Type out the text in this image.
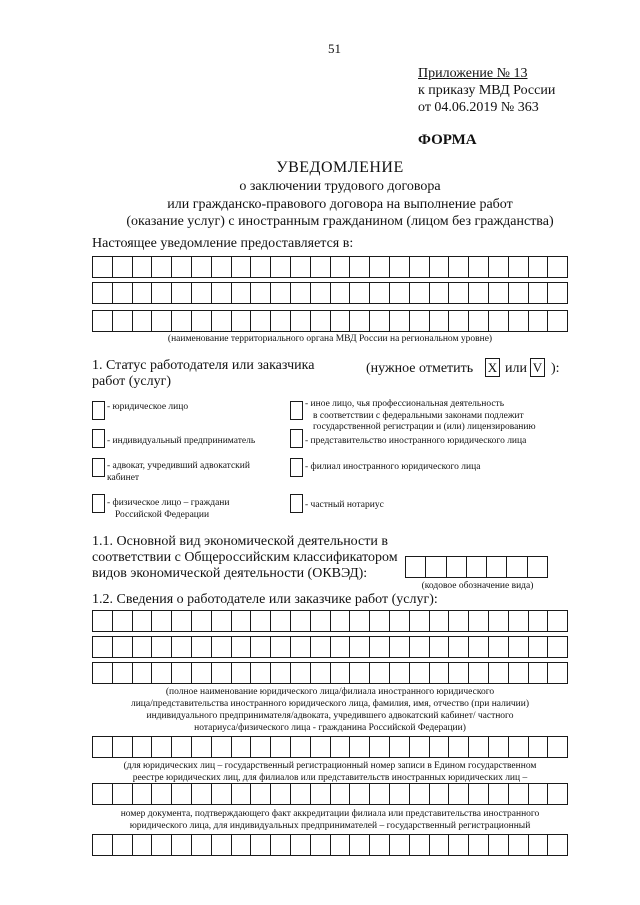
51
Приложение № 13
к приказу МВД России
от 04.06.2019 № 363
ФОРМА
УВЕДОМЛЕНИЕ
о заключении трудового договора
или гражданско-правового договора на выполнение работ
(оказание услуг) с иностранным гражданином (лицом без гражданства)
Настоящее уведомление предоставляется в:
(наименование территориального органа МВД России на региональном уровне)
1. Статус работодателя или заказчика
работ (услуг)
(нужное отметить X или V ):
- юридическое лицо
- индивидуальный предприниматель
- адвокат, учредивший адвокатский
кабинет
- физическое лицо – граждани
Российской Федерации
- иное лицо, чья профессиональная деятельность
в соответствии с федеральными законами подлежит
государственной регистрации и (или) лицензированию
- представительство иностранного юридического лица
- филиал иностранного юридического лица
- частный нотариус
1.1. Основной вид экономической деятельности в
соответствии с Общероссийским классификатором
видов экономической деятельности (ОКВЭД):
(кодовое обозначение вида)
1.2. Сведения о работодателе или заказчике работ (услуг):
(полное наименование юридического лица/филиала иностранного юридического
лица/представительства иностранного юридического лица, фамилия, имя, отчество (при наличии)
индивидуального предпринимателя/адвоката, учредившего адвокатский кабинет/ частного
нотариуса/физического лица - гражданина Российской Федерации)
(для юридических лиц – государственный регистрационный номер записи в Едином государственном
реестре юридических лиц, для филиалов или представительств иностранных юридических лиц –
номер документа, подтверждающего факт аккредитации филиала или представительства иностранного
юридического лица, для индивидуальных предпринимателей – государственный регистрационный
